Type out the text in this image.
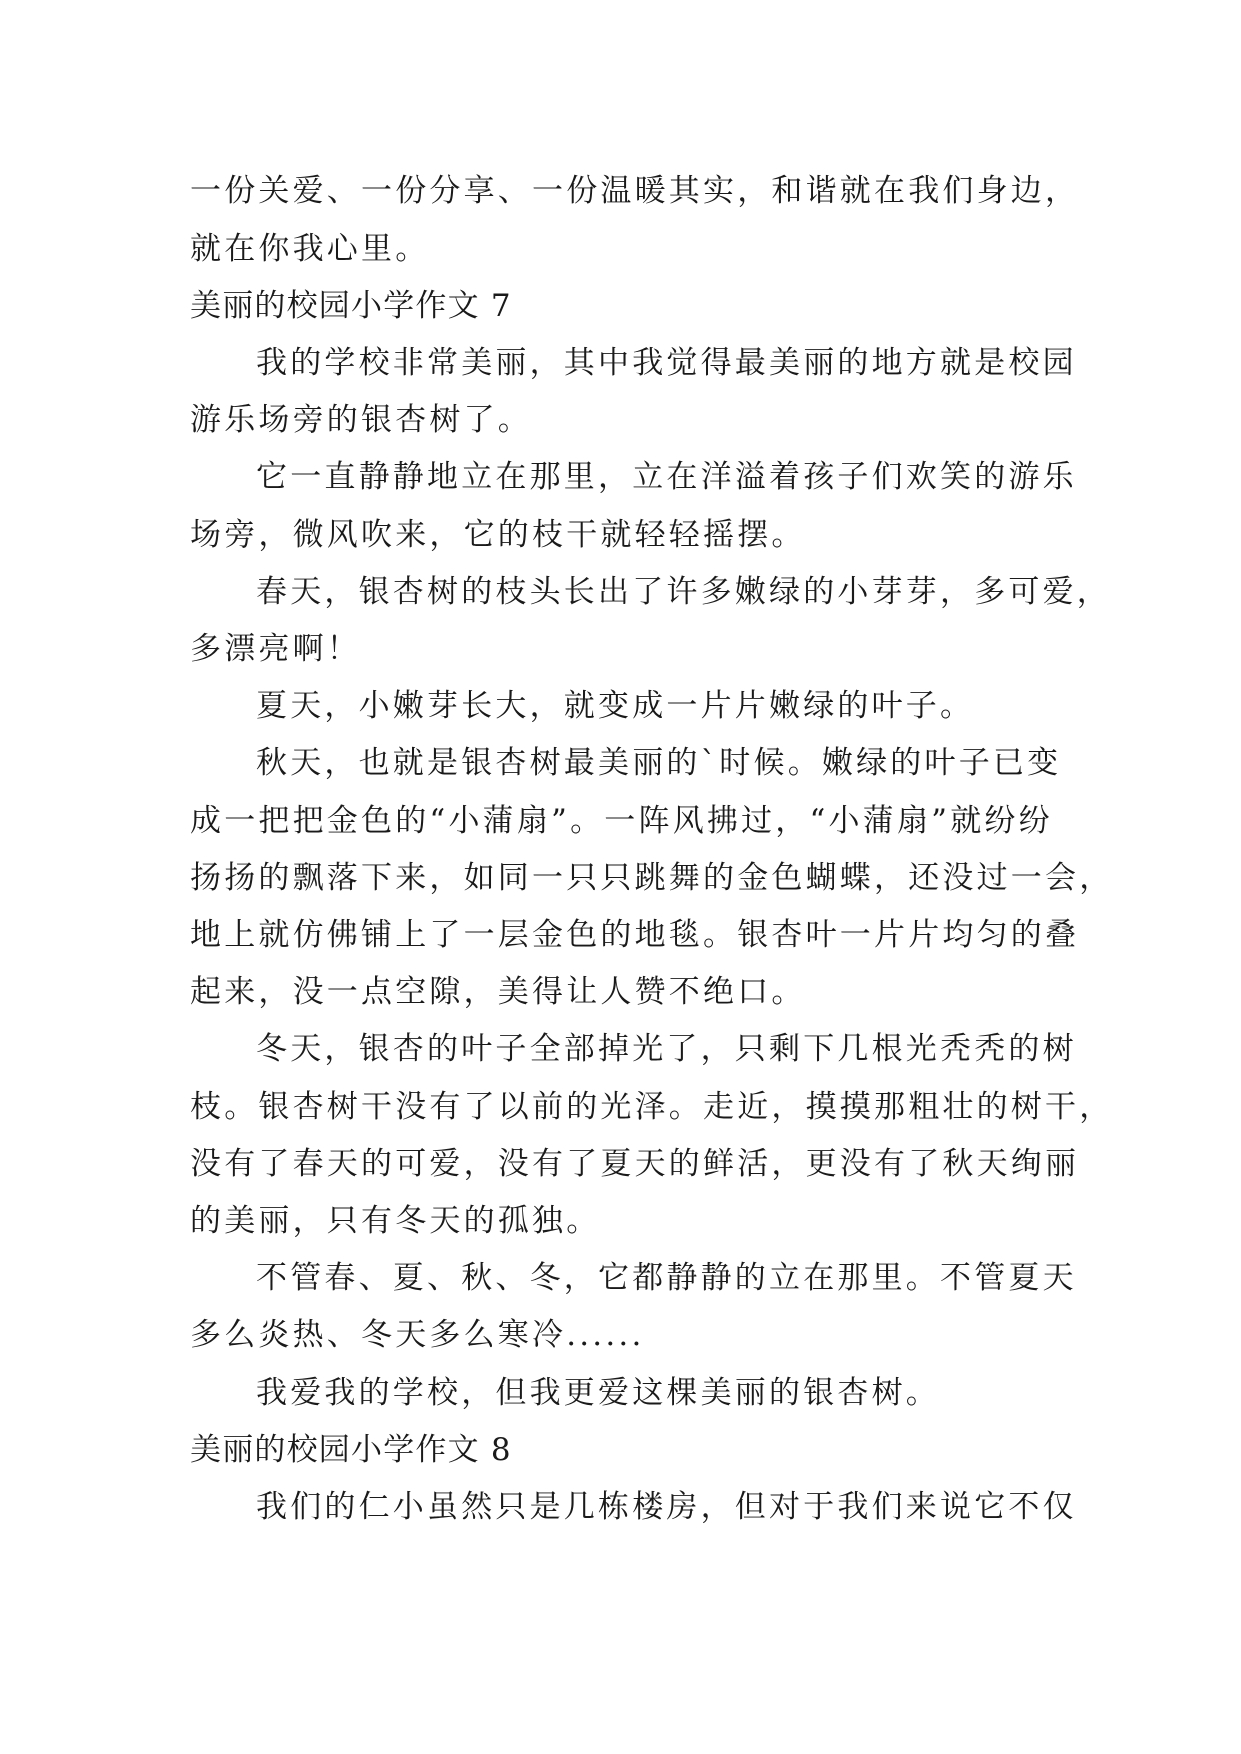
一份关爱、一份分享、一份温暖其实，和谐就在我们身边，
就在你我心里。
美丽的校园小学作文 7
我的学校非常美丽，其中我觉得最美丽的地方就是校园
游乐场旁的银杏树了。
它一直静静地立在那里，立在洋溢着孩子们欢笑的游乐
场旁，微风吹来，它的枝干就轻轻摇摆。
春天，银杏树的枝头长出了许多嫩绿的小芽芽，多可爱，
多漂亮啊！
夏天，小嫩芽长大，就变成一片片嫩绿的叶子。
秋天，也就是银杏树最美丽的`时候。嫩绿的叶子已变
成一把把金色的“小蒲扇”。一阵风拂过，“小蒲扇”就纷纷
扬扬的飘落下来，如同一只只跳舞的金色蝴蝶，还没过一会，
地上就仿佛铺上了一层金色的地毯。银杏叶一片片均匀的叠
起来，没一点空隙，美得让人赞不绝口。
冬天，银杏的叶子全部掉光了，只剩下几根光秃秃的树
枝。银杏树干没有了以前的光泽。走近，摸摸那粗壮的树干，
没有了春天的可爱，没有了夏天的鲜活，更没有了秋天绚丽
的美丽，只有冬天的孤独。
不管春、夏、秋、冬，它都静静的立在那里。不管夏天
多么炎热、冬天多么寒冷......
我爱我的学校，但我更爱这棵美丽的银杏树。
美丽的校园小学作文 8
我们的仁小虽然只是几栋楼房，但对于我们来说它不仅
